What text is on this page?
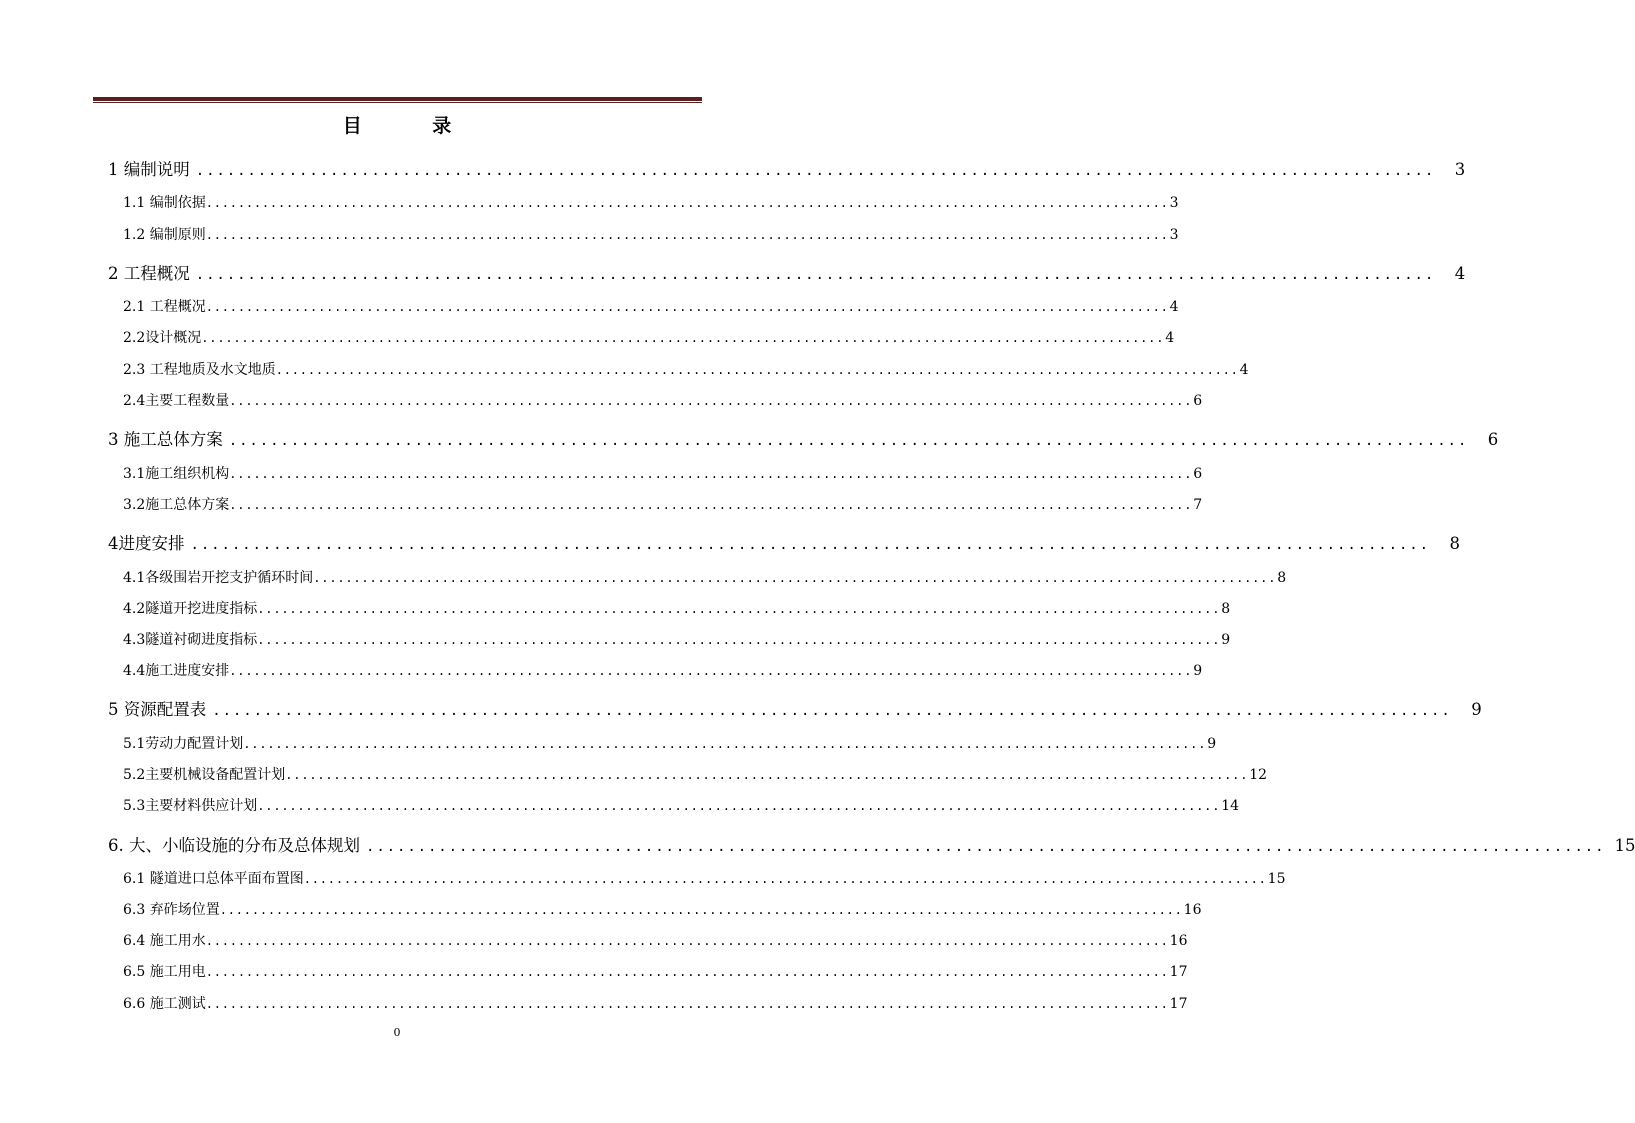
目 录
1 编制说明 ........................................................................................................................	3
1.1 编制依据 ........................................................................................................................ 3
1.2 编制原则 ........................................................................................................................ 3
2 工程概况 ........................................................................................................................	4
2.1 工程概况 ........................................................................................................................ 4
2.2设计概况 ........................................................................................................................ 4
2.3 工程地质及水文地质 ........................................................................................................................ 4
2.4主要工程数量 ........................................................................................................................ 6
3 施工总体方案 ........................................................................................................................	6
3.1施工组织机构 ........................................................................................................................ 6
3.2施工总体方案 ........................................................................................................................ 7
4进度安排 ........................................................................................................................	8
4.1各级围岩开挖支护循环时间 ........................................................................................................................ 8
4.2隧道开挖进度指标 ........................................................................................................................ 8
4.3隧道衬砌进度指标 ........................................................................................................................ 9
4.4施工进度安排 ........................................................................................................................ 9
5 资源配置表 ........................................................................................................................	9
5.1劳动力配置计划 ........................................................................................................................ 9
5.2主要机械设备配置计划 ........................................................................................................................ 12
5.3主要材料供应计划 ........................................................................................................................ 14
6. 大、小临设施的分布及总体规划 ........................................................................................................................ 15
6.1 隧道进口总体平面布置图 ........................................................................................................................ 15
6.3 弃砟场位置 ........................................................................................................................ 16
6.4 施工用水 ........................................................................................................................ 16
6.5 施工用电 ........................................................................................................................ 17
6.6 施工测试 ........................................................................................................................ 17
0
